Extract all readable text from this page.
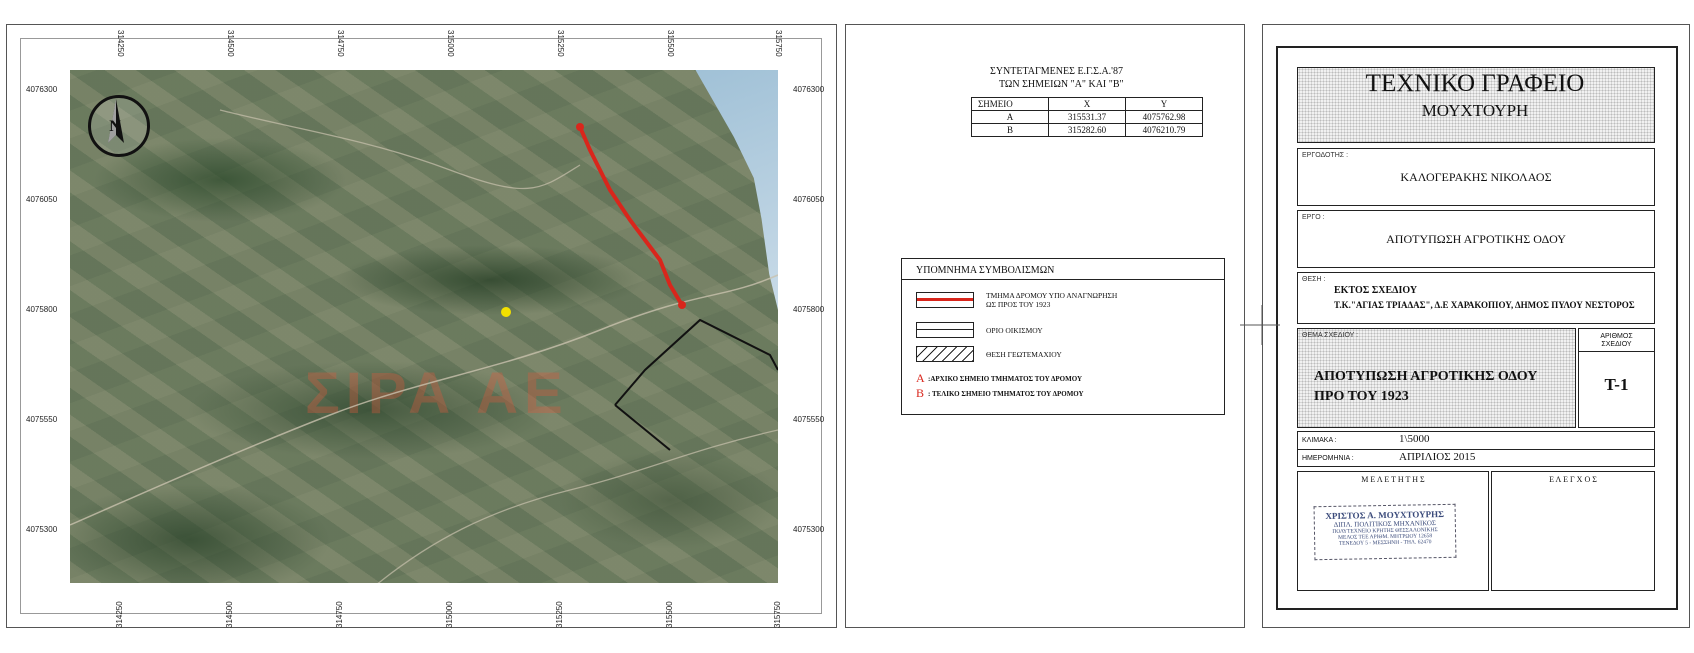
314250	314500	314750	315000	315250	315500	315750
314250	314500	314750	315000	315250	315500	315750
4076300
4076050
4075800
4075550
4075300
4076300
4076050
4075800
4075550
4075300
ΣΙΡΑ ΑΕ
N
ΣΥΝΤΕΤΑΓΜΕΝΕΣ Ε.Γ.Σ.Α.'87
ΤΩΝ ΣΗΜΕΙΩΝ "Α" ΚΑΙ "Β"
ΣΗΜΕΙΟ	X	Y
A	315531.37	4075762.98
B	315282.60	4076210.79
ΥΠΟΜΝΗΜΑ ΣΥΜΒΟΛΙΣΜΩΝ
ΤΜΗΜΑ ΔΡΟΜΟΥ ΥΠΟ ΑΝΑΓΝΩΡΗΣΗ
ΩΣ ΠΡΟΣ ΤΟΥ 1923
ΟΡΙΟ ΟΙΚΙΣΜΟΥ
ΘΕΣΗ ΓΕΩΤΕΜΑΧΙΟΥ
A :ΑΡΧΙΚΟ ΣΗΜΕΙΟ ΤΜΗΜΑΤΟΣ ΤΟΥ ΔΡΟΜΟΥ
B : ΤΕΛΙΚΟ ΣΗΜΕΙΟ ΤΜΗΜΑΤΟΣ ΤΟΥ ΔΡΟΜΟΥ
ΤΕΧΝΙΚΟ ΓΡΑΦΕΙΟ
ΜΟΥΧΤΟΥΡΗ
ΕΡΓΟΔΟΤΗΣ :
ΚΑΛΟΓΕΡΑΚΗΣ ΝΙΚΟΛΑΟΣ
ΕΡΓΟ :
ΑΠΟΤΥΠΩΣΗ ΑΓΡΟΤΙΚΗΣ ΟΔΟΥ
ΘΕΣΗ :
ΕΚΤΟΣ ΣΧΕΔΙΟΥ
Τ.Κ."ΑΓΙΑΣ ΤΡΙΑΔΑΣ", Δ.Ε ΧΑΡΑΚΟΠΙΟΥ, ΔΗΜΟΣ ΠΥΛΟΥ ΝΕΣΤΟΡΟΣ
ΘΕΜΑ ΣΧΕΔΙΟΥ :
ΑΠΟΤΥΠΩΣΗ ΑΓΡΟΤΙΚΗΣ ΟΔΟΥ
ΠΡΟ ΤΟΥ 1923
ΑΡΙΘΜΟΣ
ΣΧΕΔΙΟΥ
Τ-1
ΚΛΙΜΑΚΑ :	1\5000
ΗΜΕΡΟΜΗΝΙΑ :	ΑΠΡΙΛΙΟΣ 2015
Μ Ε Λ Ε Τ Η Τ Η Σ	Ε Λ Ε Γ Χ Ο Σ
ΧΡΙΣΤΟΣ Α. ΜΟΥΧΤΟΥΡΗΣ
ΔΙΠΛ. ΠΟΛΙΤΙΚΟΣ ΜΗΧΑΝΙΚΟΣ
ΠΟΛΥΤΕΧΝΕΙΟ ΚΡΗΤΗΣ ΘΕΣΣΑΛΟΝΙΚΗΣ
ΜΕΛΟΣ ΤΕΕ ΑΡΙΘΜ. ΜΗΤΡΩΟΥ 12658
ΤΕΝΕΔΟΥ 5 - ΜΕΣΣΗΝΗ - ΤΗΛ. 62470
